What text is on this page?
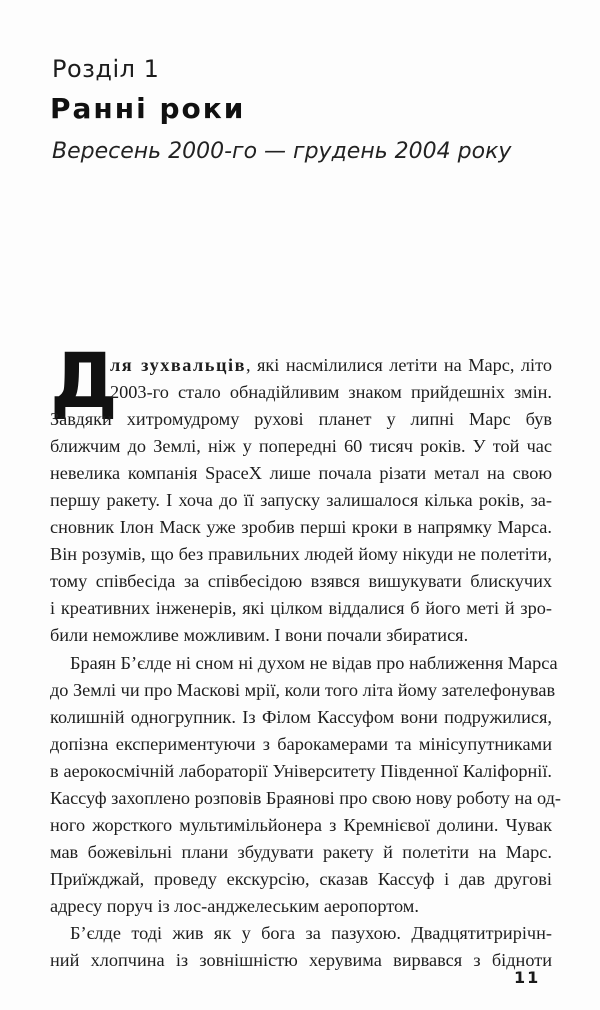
Розділ 1
Ранні роки
Вересень 2000-го — грудень 2004 року
Д
ля зухвальців, які насмілилися летіти на Марс, літо
2003-го стало обнадійливим знаком прийдешніх змін.
Завдяки хитромудрому рухові планет у липні Марс був
ближчим до Землі, ніж у попередні 60 тисяч років. У той час
невелика компанія SpaceX лише почала різати метал на свою
першу ракету. І хоча до її запуску залишалося кілька років, за-
сновник Ілон Маск уже зробив перші кроки в напрямку Марса.
Він розумів, що без правильних людей йому нікуди не полетіти,
тому співбесіда за співбесідою взявся вишукувати блискучих
і креативних інженерів, які цілком віддалися б його меті й зро-
били неможливе можливим. І вони почали збиратися.
Браян Бʼєлде ні сном ні духом не відав про наближення Марса
до Землі чи про Маскові мрії, коли того літа йому зателефонував
колишній одногрупник. Із Філом Кассуфом вони подружилися,
допізна експериментуючи з барокамерами та мінісупутниками
в аерокосмічній лабораторії Університету Південної Каліфорнії.
Кассуф захоплено розповів Браянові про свою нову роботу на од-
ного жорсткого мультимільйонера з Кремнієвої долини. Чувак
мав божевільні плани збудувати ракету й полетіти на Марс.
Приїжджай, проведу екскурсію, сказав Кассуф і дав другові
адресу поруч із лос-анджелеським аеропортом.
Бʼєлде тоді жив як у бога за пазухою. Двадцятитрирічн-
ний хлопчина із зовнішністю херувима вирвався з бідноти
11
